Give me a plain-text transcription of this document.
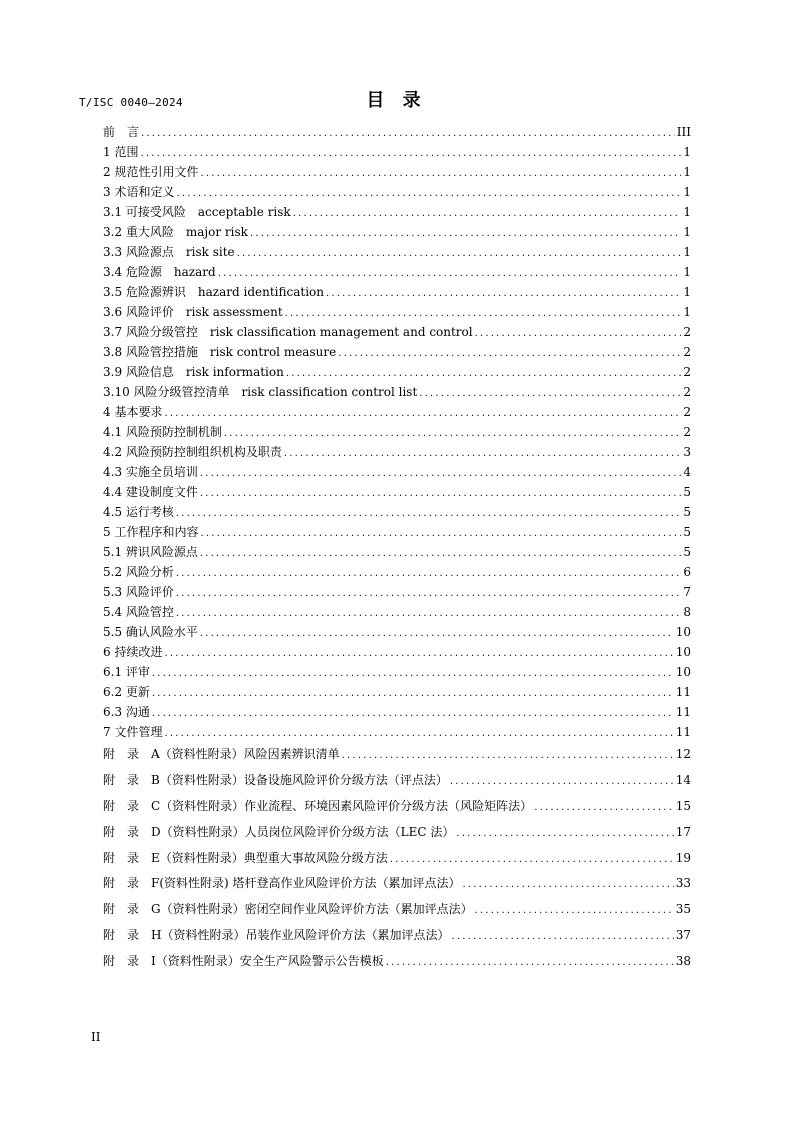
T/ISC 0040—2024	目 录
前　言 .....	III
1 范围 .....	1
2 规范性引用文件 .....	1
3 术语和定义 .....	1
3.1 可接受风险　acceptable risk .....	1
3.2 重大风险　major risk .....	1
3.3 风险源点　risk site .....	1
3.4 危险源　hazard .....	1
3.5 危险源辨识　hazard identification .....	1
3.6 风险评价　risk assessment .....	1
3.7 风险分级管控　risk classification management and control .....	2
3.8 风险管控措施　risk control measure .....	2
3.9 风险信息　risk information .....	2
3.10 风险分级管控清单　risk classification control list .....	2
4 基本要求 .....	2
4.1 风险预防控制机制 .....	2
4.2 风险预防控制组织机构及职责 .....	3
4.3 实施全员培训 .....	4
4.4 建设制度文件 .....	5
4.5 运行考核 .....	5
5 工作程序和内容 .....	5
5.1 辨识风险源点 .....	5
5.2 风险分析 .....	6
5.3 风险评价 .....	7
5.4 风险管控 .....	8
5.5 确认风险水平 .....	10
6 持续改进 .....	10
6.1 评审 .....	10
6.2 更新 .....	11
6.3 沟通 .....	11
7 文件管理 .....	11
附　录　A（资料性附录）风险因素辨识清单 .....	12
附　录　B（资料性附录）设备设施风险评价分级方法（评点法） .....	14
附　录　C（资料性附录）作业流程、环境因素风险评价分级方法（风险矩阵法） .....	15
附　录　D（资料性附录）人员岗位风险评价分级方法（LEC 法） .....	17
附　录　E（资料性附录）典型重大事故风险分级方法 .....	19
附　录　F(资料性附录) 塔杆登高作业风险评价方法（累加评点法） .....	33
附　录　G（资料性附录）密闭空间作业风险评价方法（累加评点法） .....	35
附　录　H（资料性附录）吊装作业风险评价方法（累加评点法） .....	37
附　录　I（资料性附录）安全生产风险警示公告模板 .....	38
II
